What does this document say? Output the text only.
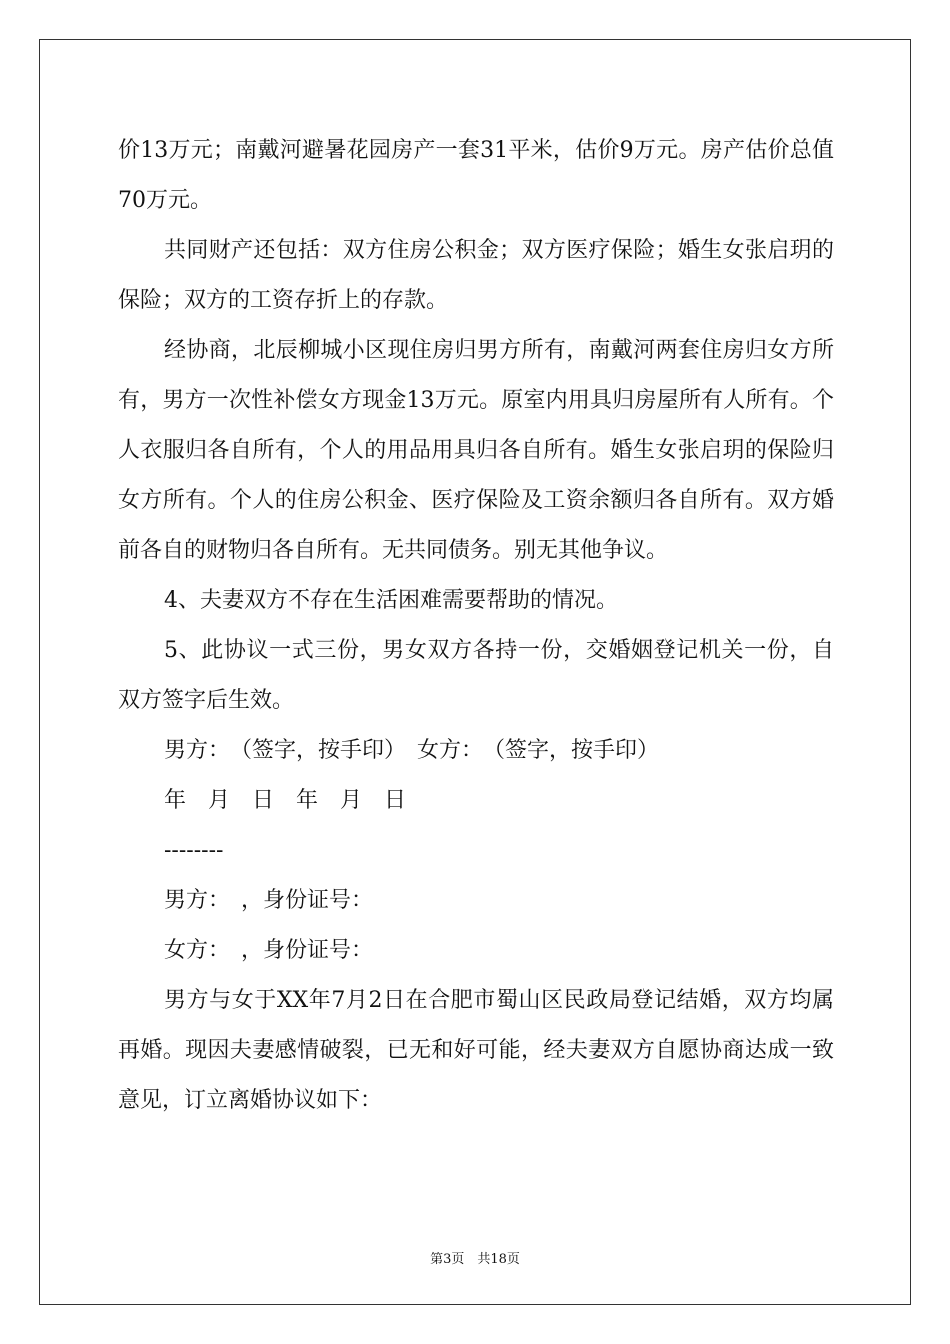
价13万元；南戴河避暑花园房产一套31平米，估价9万元。房产估价总值70万元。

共同财产还包括：双方住房公积金；双方医疗保险；婚生女张启玥的保险；双方的工资存折上的存款。

经协商，北辰柳城小区现住房归男方所有，南戴河两套住房归女方所有，男方一次性补偿女方现金13万元。原室内用具归房屋所有人所有。个人衣服归各自所有，个人的用品用具归各自所有。婚生女张启玥的保险归女方所有。个人的住房公积金、医疗保险及工资余额归各自所有。双方婚前各自的财物归各自所有。无共同债务。别无其他争议。

4、夫妻双方不存在生活困难需要帮助的情况。

5、此协议一式三份，男女双方各持一份，交婚姻登记机关一份，自双方签字后生效。

男方：　（签字，按手印）　女方：　（签字，按手印）

年　月　日　年　月　日

--------

男方：　，身份证号：

女方：　，身份证号：

男方与女于XX年7月2日在合肥市蜀山区民政局登记结婚，双方均属再婚。现因夫妻感情破裂，已无和好可能，经夫妻双方自愿协商达成一致意见，订立离婚协议如下：

第3页　共18页
